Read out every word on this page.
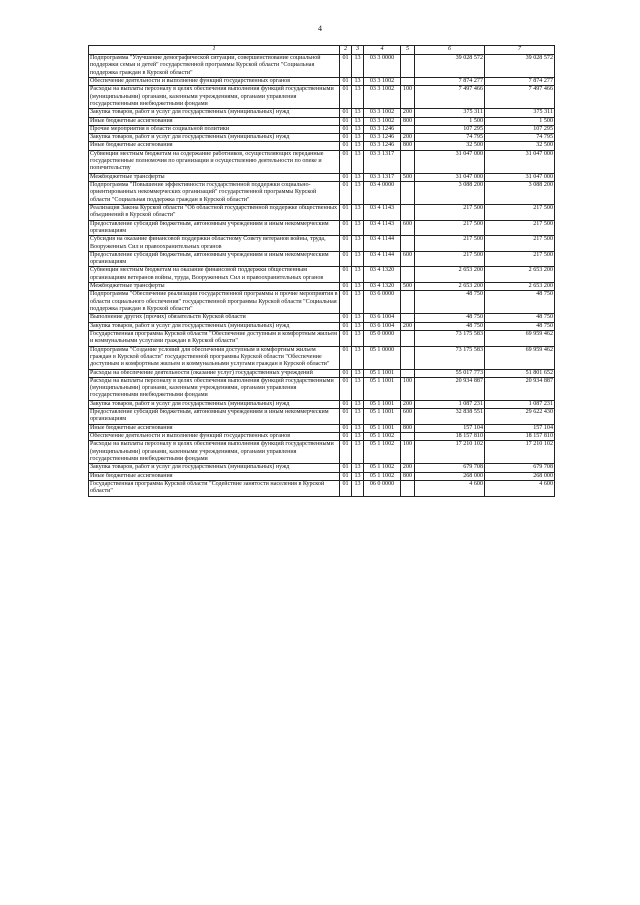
4
1	2	3	4	5	6	7
Подпрограмма "Улучшение демографической ситуации, совершенствование социальной поддержки семьи и детей" государственной программы Курской области "Социальная поддержка граждан в Курской области"	01	13	03 3 0000		39 028 572	39 028 572
Обеспечение деятельности и выполнение функций государственных органов	01	13	03 3 1002		7 874 277	7 874 277
Расходы на выплаты персоналу в целях обеспечения выполнения функций государственными (муниципальными) органами, казенными учреждениями, органами управления государственными внебюджетными фондами	01	13	03 3 1002	100	7 497 466	7 497 466
Закупка товаров, работ и услуг для государственных (муниципальных) нужд	01	13	03 3 1002	200	375 311	375 311
Иные бюджетные ассигнования	01	13	03 3 1002	800	1 500	1 500
Прочие мероприятия в области социальной политики	01	13	03 3 1246		107 295	107 295
Закупка товаров, работ и услуг для государственных (муниципальных) нужд	01	13	03 3 1246	200	74 795	74 795
Иные бюджетные ассигнования	01	13	03 3 1246	800	32 500	32 500
Субвенции местным бюджетам на содержание работников, осуществляющих переданные государственные полномочия по организации и осуществлению деятельности по опеке и попечительству	01	13	03 3 1317		31 047 000	31 047 000
Межбюджетные трансферты	01	13	03 3 1317	500	31 047 000	31 047 000
Подпрограмма "Повышение эффективности государственной поддержки социально-ориентированных некоммерческих организаций" государственной программы Курской области "Социальная поддержка граждан в Курской области"	01	13	03 4 0000		3 088 200	3 088 200
Реализация Закона Курской области "Об областной государственной поддержке общественных объединений в Курской области"	01	13	03 4 1143		217 500	217 500
Предоставление субсидий бюджетным, автономным учреждениям и иным некоммерческим организациям	01	13	03 4 1143	600	217 500	217 500
Субсидия на оказание финансовой поддержки областному Совету ветеранов войны, труда, Вооруженных Сил и правоохранительных органов	01	13	03 4 1144		217 500	217 500
Предоставление субсидий бюджетным, автономным учреждениям и иным некоммерческим организациям	01	13	03 4 1144	600	217 500	217 500
Субвенции местным бюджетам на оказание финансовой поддержки общественным организациям ветеранов войны, труда, Вооруженных Сил и правоохранительных органов	01	13	03 4 1320		2 653 200	2 653 200
Межбюджетные трансферты	01	13	03 4 1320	500	2 653 200	2 653 200
Подпрограмма "Обеспечение реализации государственной программы и прочие мероприятия в области социального обеспечения" государственной программы Курской области "Социальная поддержка граждан в Курской области"	01	13	03 6 0000		48 750	48 750
Выполнение других (прочих) обязательств Курской области	01	13	03 6 1004		48 750	48 750
Закупка товаров, работ и услуг для государственных (муниципальных) нужд	01	13	03 6 1004	200	48 750	48 750
Государственная программа Курской области "Обеспечение доступным и комфортным жильем и коммунальными услугами граждан в Курской области"	01	13	05 0 0000		73 175 583	69 959 462
Подпрограмма "Создание условий для обеспечения доступным и комфортным жильем граждан в Курской области" государственной программы Курской области "Обеспечение доступным и комфортным жильем и коммунальными услугами граждан в Курской области"	01	13	05 1 0000		73 175 583	69 959 462
Расходы на обеспечение деятельности (оказание услуг) государственных учреждений	01	13	05 1 1001		55 017 773	51 801 652
Расходы на выплаты персоналу в целях обеспечения выполнения функций государственными (муниципальными) органами, казенными учреждениями, органами управления государственными внебюджетными фондами	01	13	05 1 1001	100	20 934 887	20 934 887
Закупка товаров, работ и услуг для государственных (муниципальных) нужд	01	13	05 1 1001	200	1 087 231	1 087 231
Предоставление субсидий бюджетным, автономным учреждениям и иным некоммерческим организациям	01	13	05 1 1001	600	32 838 551	29 622 430
Иные бюджетные ассигнования	01	13	05 1 1001	800	157 104	157 104
Обеспечение деятельности и выполнение функций государственных органов	01	13	05 1 1002		18 157 810	18 157 810
Расходы на выплаты персоналу в целях обеспечения выполнения функций государственными (муниципальными) органами, казенными учреждениями, органами управления государственными внебюджетными фондами	01	13	05 1 1002	100	17 210 102	17 210 102
Закупка товаров, работ и услуг для государственных (муниципальных) нужд	01	13	05 1 1002	200	679 708	679 708
Иные бюджетные ассигнования	01	13	05 1 1002	800	268 000	268 000
Государственная программа Курской области "Содействие занятости населения в Курской области"	01	13	06 0 0000		4 600	4 600
